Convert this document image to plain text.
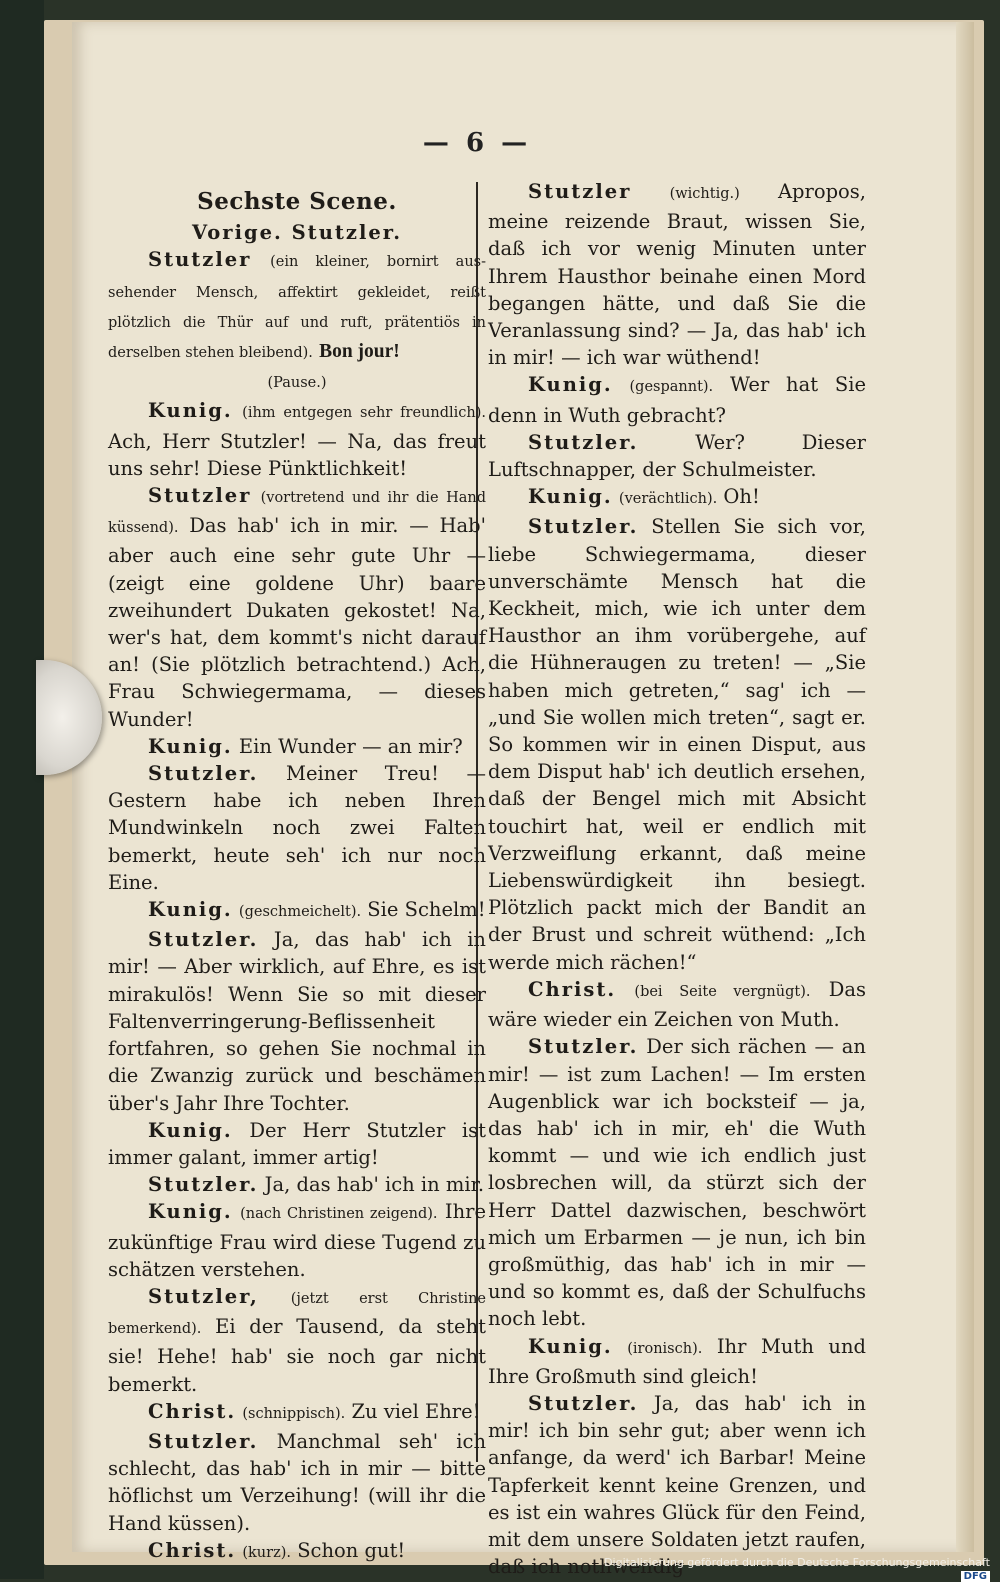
— 6 —

Sechste Scene.

Vorige. Stutzler.

Stutzler (ein kleiner, bornirt aussehender Mensch, affektirt gekleidet, reißt plötzlich die Thür auf und ruft, prätentiös in derselben stehen bleibend). Bon jour!

(Pause.)

Kunig. (ihm entgegen sehr freundlich). Ach, Herr Stutzler! — Na, das freut uns sehr! Diese Pünktlichkeit!

Stutzler (vortretend und ihr die Hand küssend). Das hab' ich in mir. — Hab' aber auch eine sehr gute Uhr — (zeigt eine goldene Uhr) baare zweihundert Dukaten gekostet! Na, wer's hat, dem kommt's nicht darauf an! (Sie plötzlich betrachtend.) Ach, Frau Schwiegermama, — dieses Wunder!

Kunig. Ein Wunder — an mir?

Stutzler. Meiner Treu! — Gestern habe ich neben Ihren Mundwinkeln noch zwei Falten bemerkt, heute seh' ich nur noch Eine.

Kunig. (geschmeichelt). Sie Schelm!

Stutzler. Ja, das hab' ich in mir! — Aber wirklich, auf Ehre, es ist mirakulös! Wenn Sie so mit dieser Faltenverringerung-Beflissenheit fortfahren, so gehen Sie nochmal in die Zwanzig zurück und beschämen über's Jahr Ihre Tochter.

Kunig. Der Herr Stutzler ist immer galant, immer artig!

Stutzler. Ja, das hab' ich in mir.

Kunig. (nach Christinen zeigend). Ihre zukünftige Frau wird diese Tugend zu schätzen verstehen.

Stutzler, (jetzt erst Christine bemerkend). Ei der Tausend, da steht sie! Hehe! hab' sie noch gar nicht bemerkt.

Christ. (schnippisch). Zu viel Ehre!

Stutzler. Manchmal seh' ich schlecht, das hab' ich in mir — bitte höflichst um Verzeihung! (will ihr die Hand küssen).

Christ. (kurz). Schon gut!

Stutzler	(wichtig.) Apropos, meine reizende Braut, wissen Sie, daß ich vor wenig Minuten unter Ihrem Hausthor beinahe einen Mord begangen hätte, und daß Sie die Veranlassung sind? — Ja, das hab' ich in mir! — ich war wüthend!

Kunig. (gespannt). Wer hat Sie denn in Wuth gebracht?

Stutzler.	Wer? Dieser Luftschnapper, der Schulmeister.

Kunig. (verächtlich). Oh!

Stutzler. Stellen Sie sich vor, liebe Schwiegermama, dieser unverschämte Mensch hat die Keckheit, mich, wie ich unter dem Hausthor an ihm vorübergehe, auf die Hühneraugen zu treten! — „Sie haben mich getreten,“ sag' ich — „und Sie wollen mich treten“, sagt er. So kommen wir in einen Disput, aus dem Disput hab' ich deutlich ersehen, daß der Bengel mich mit Absicht touchirt hat, weil er endlich mit Verzweiflung erkannt, daß meine Liebenswürdigkeit ihn besiegt. Plötzlich packt mich der Bandit an der Brust und schreit wüthend: „Ich werde mich rächen!“

Christ. (bei Seite vergnügt). Das wäre wieder ein Zeichen von Muth.

Stutzler. Der sich rächen — an mir! — ist zum Lachen! — Im ersten Augenblick war ich bocksteif — ja, das hab' ich in mir, eh' die Wuth kommt — und wie ich endlich just losbrechen will, da stürzt sich der Herr Dattel dazwischen, beschwört mich um Erbarmen — je nun, ich bin großmüthig, das hab' ich in mir — und so kommt es, daß der Schulfuchs noch lebt.

Kunig. (ironisch). Ihr Muth und Ihre Großmuth sind gleich!

Stutzler. Ja, das hab' ich in mir! ich bin sehr gut; aber wenn ich anfange, da werd' ich Barbar! Meine Tapferkeit kennt keine Grenzen, und es ist ein wahres Glück für den Feind, mit dem unsere Soldaten jetzt raufen, daß ich nothwendig

Digitalisierung gefördert durch die Deutsche Forschungsgemeinschaft DFG
